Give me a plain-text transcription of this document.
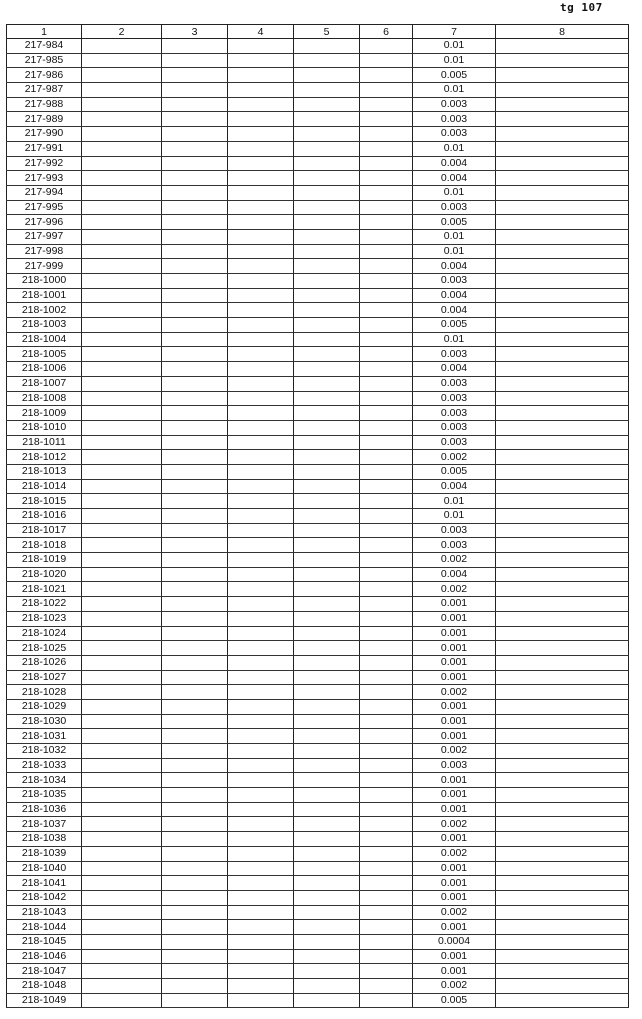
tg 107
1	2	3	4	5	6	7	8
217-984						0.01	
217-985						0.01	
217-986						0.005	
217-987						0.01	
217-988						0.003	
217-989						0.003	
217-990						0.003	
217-991						0.01	
217-992						0.004	
217-993						0.004	
217-994						0.01	
217-995						0.003	
217-996						0.005	
217-997						0.01	
217-998						0.01	
217-999						0.004	
218-1000						0.003	
218-1001						0.004	
218-1002						0.004	
218-1003						0.005	
218-1004						0.01	
218-1005						0.003	
218-1006						0.004	
218-1007						0.003	
218-1008						0.003	
218-1009						0.003	
218-1010						0.003	
218-1011						0.003	
218-1012						0.002	
218-1013						0.005	
218-1014						0.004	
218-1015						0.01	
218-1016						0.01	
218-1017						0.003	
218-1018						0.003	
218-1019						0.002	
218-1020						0.004	
218-1021						0.002	
218-1022						0.001	
218-1023						0.001	
218-1024						0.001	
218-1025						0.001	
218-1026						0.001	
218-1027						0.001	
218-1028						0.002	
218-1029						0.001	
218-1030						0.001	
218-1031						0.001	
218-1032						0.002	
218-1033						0.003	
218-1034						0.001	
218-1035						0.001	
218-1036						0.001	
218-1037						0.002	
218-1038						0.001	
218-1039						0.002	
218-1040						0.001	
218-1041						0.001	
218-1042						0.001	
218-1043						0.002	
218-1044						0.001	
218-1045						0.0004	
218-1046						0.001	
218-1047						0.001	
218-1048						0.002	
218-1049						0.005	
